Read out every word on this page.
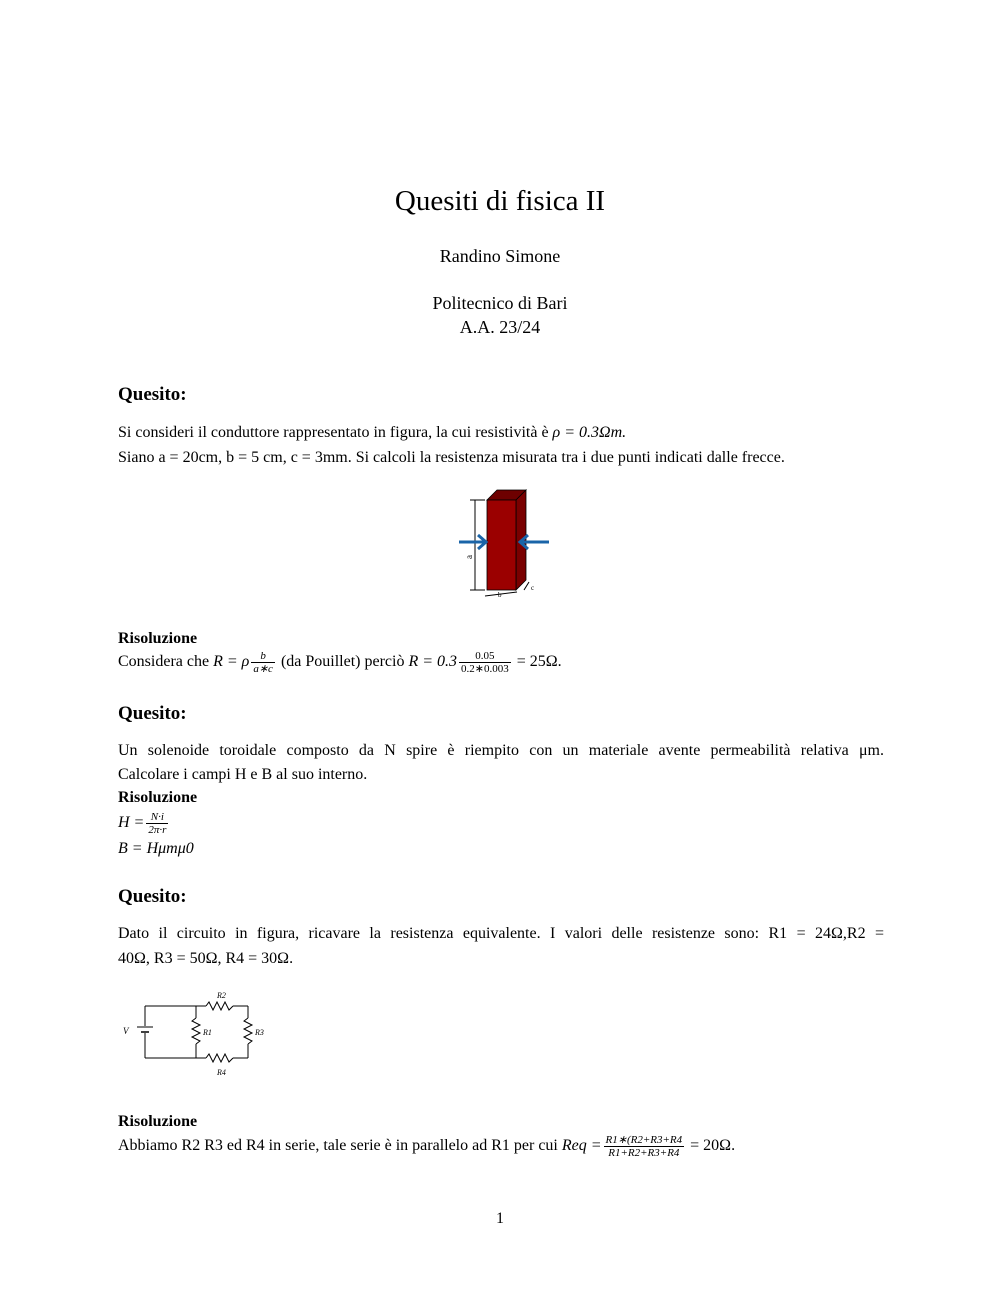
Quesiti di fisica II
Randino Simone
Politecnico di Bari
A.A. 23/24
Quesito:
Si consideri il conduttore rappresentato in figura, la cui resistività è ρ = 0.3Ωm.
Siano a = 20cm, b = 5 cm, c = 3mm. Si calcoli la resistenza misurata tra i due punti indicati dalle frecce.
a
b
c
Risoluzione
Considera che R = ρ $\frac{b}{a∗c} (da$ Pouillet) perciò $R = 0.3 \frac{0.05}{0.2∗0.003} = 25\Omega$.
Quesito:
Un solenoide toroidale composto da N spire è riempito con un materiale avente permeabilità relativa μm.
Calcolare i campi H e B al suo interno.
Risoluzione
$H = \frac{N\cdot i}{2\pi\cdot r}$
B = Hμmμ0
Quesito:
Dato il circuito in figura, ricavare la resistenza equivalente. I valori delle resistenze sono: R1 = 24Ω,R2 =
40Ω, R3 = 50Ω, R4 = 30Ω.
V	R1
R2
R3
R4
Risoluzione
Abbiamo R2 R3 ed R4 in serie, tale serie è in parallelo ad R1 per cui Req = $\frac{R1∗(R2+R3+R4}{R1+R2+R3+R4} = 20\Omega$.
1
